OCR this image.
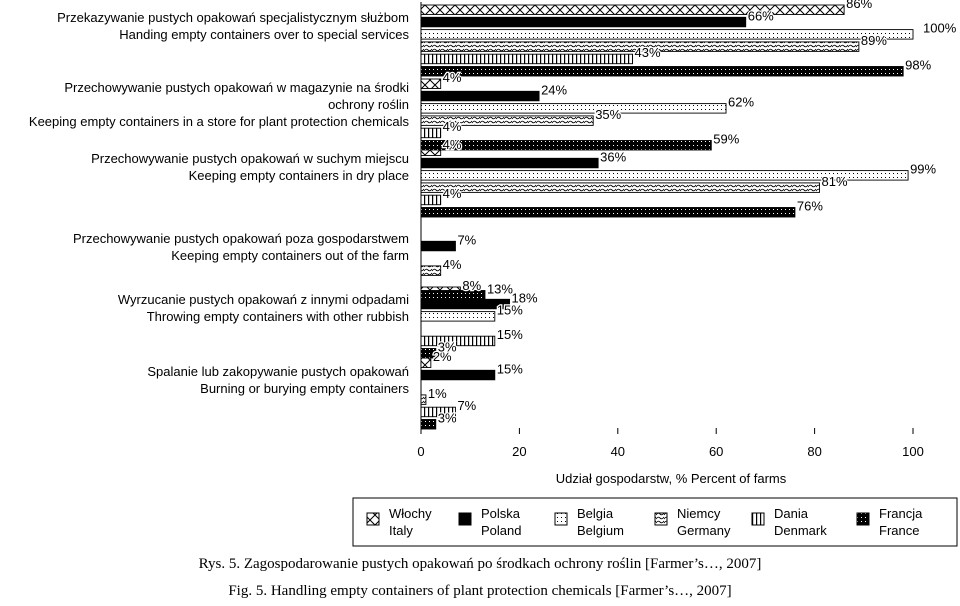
0	20	40	60	80	100
Udział gospodarstw, % Percent of farms
86%
4%
4%
8%
2%
66%
24%
36%
7%
18%
15%
100%
62%
99%
15%
89%
35%
81%
4%
1%
43%
4%
4%
15%
7%
98%
59%
76%
13%
3%
3%
Przekazywanie pustych opakowań specjalistycznym służbom
Handing empty containers over to special services
Przechowywanie pustych opakowań w magazynie na środki
ochrony roślin
Keeping empty containers in a store for plant protection chemicals
Przechowywanie pustych opakowań w suchym miejscu
Keeping empty containers in dry place
Przechowywanie pustych opakowań poza gospodarstwem
Keeping empty containers out of the farm
Wyrzucanie pustych opakowań z innymi odpadami
Throwing empty containers with other rubbish
Spalanie lub zakopywanie pustych opakowań
Burning or burying empty containers
Włochy
Italy
Polska
Poland
Belgia
Belgium
Niemcy
Germany
Dania
Denmark
Francja
France
Rys. 5. Zagospodarowanie pustych opakowań po środkach ochrony roślin [Farmer’s…, 2007]
Fig. 5. Handling empty containers of plant protection chemicals [Farmer’s…, 2007]
